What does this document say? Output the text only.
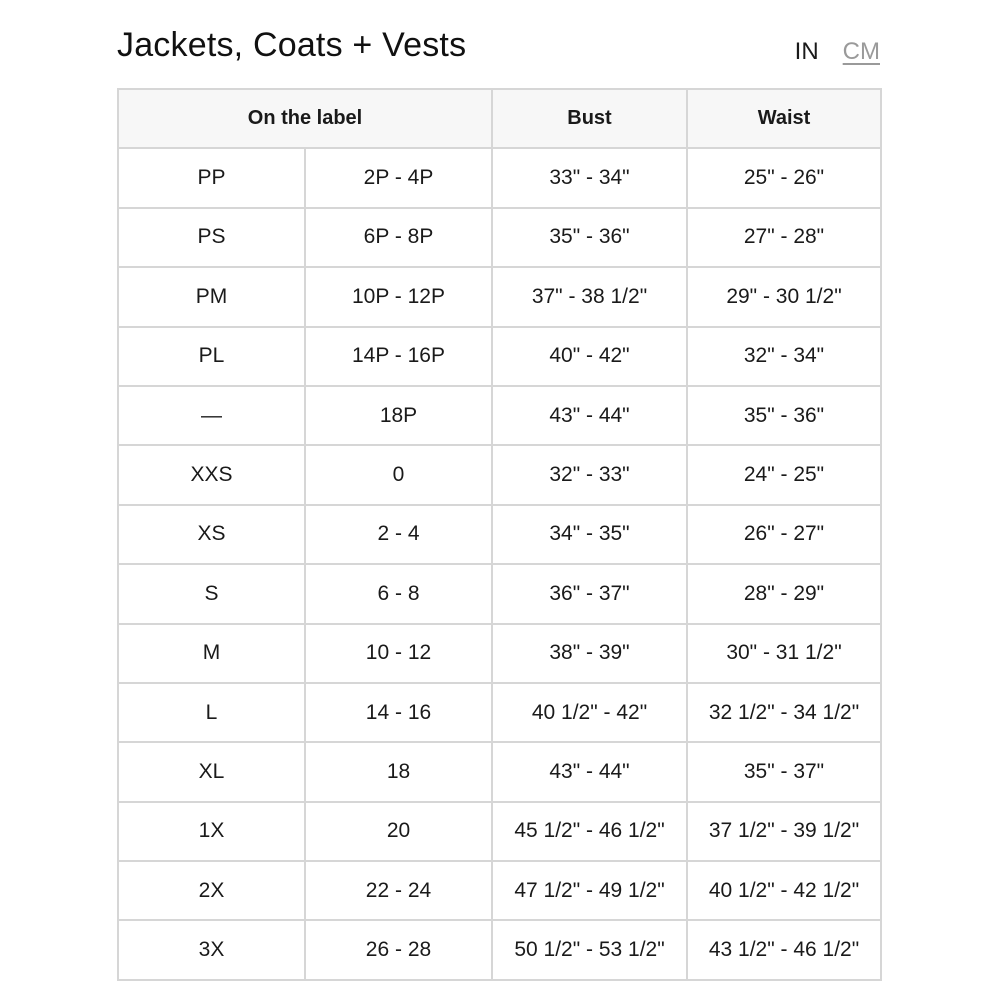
Jackets, Coats + Vests	IN CM
On the label		Bust	Waist
PP	2P - 4P	33" - 34"	25" - 26"
PS	6P - 8P	35" - 36"	27" - 28"
PM	10P - 12P	37" - 38 1/2"	29" - 30 1/2"
PL	14P - 16P	40" - 42"	32" - 34"
—	18P	43" - 44"	35" - 36"
XXS	0	32" - 33"	24" - 25"
XS	2 - 4	34" - 35"	26" - 27"
S	6 - 8	36" - 37"	28" - 29"
M	10 - 12	38" - 39"	30" - 31 1/2"
L	14 - 16	40 1/2" - 42"	32 1/2" - 34 1/2"
XL	18	43" - 44"	35" - 37"
1X	20	45 1/2" - 46 1/2"	37 1/2" - 39 1/2"
2X	22 - 24	47 1/2" - 49 1/2"	40 1/2" - 42 1/2"
3X	26 - 28	50 1/2" - 53 1/2"	43 1/2" - 46 1/2"
